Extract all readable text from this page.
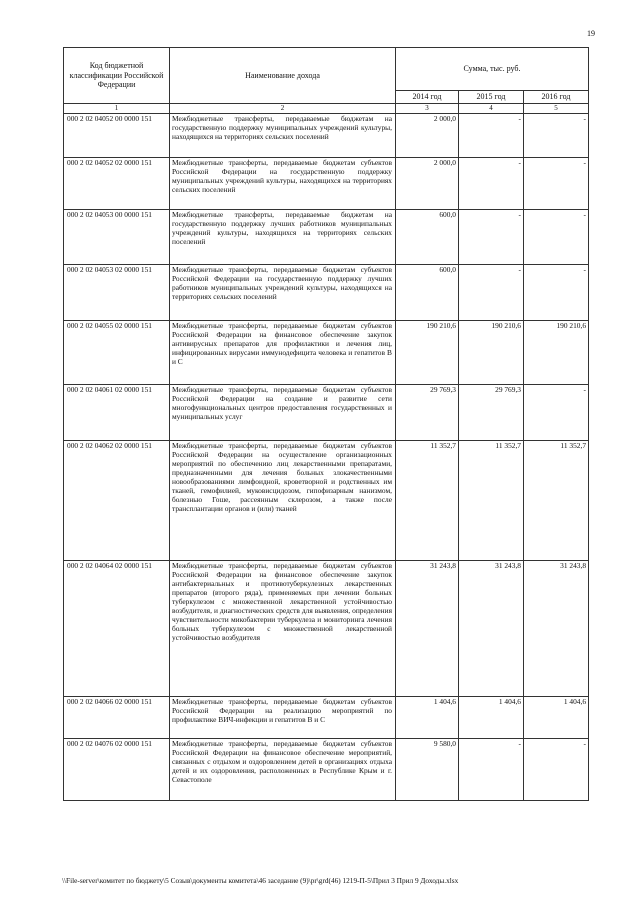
19
Код бюджетной классификации Российской Федерации	Наименование дохода	Сумма, тыс. руб.		
		2014 год	2015 год	2016 год
1	2	3	4	5
000 2 02 04052 00 0000 151	Межбюджетные трансферты, передаваемые бюджетам на государственную поддержку муниципальных учреждений культуры, находящихся на территориях сельских поселений	2 000,0	-	-
000 2 02 04052 02 0000 151	Межбюджетные трансферты, передаваемые бюджетам субъектов Российской Федерации на государственную поддержку муниципальных учреждений культуры, находящихся на территориях сельских поселений	2 000,0	-	-
000 2 02 04053 00 0000 151	Межбюджетные трансферты, передаваемые бюджетам на государственную поддержку лучших работников муниципальных учреждений культуры, находящихся на территориях сельских поселений	600,0	-	-
000 2 02 04053 02 0000 151	Межбюджетные трансферты, передаваемые бюджетам субъектов Российской Федерации на государственную поддержку лучших работников муниципальных учреждений культуры, находящихся на территориях сельских поселений	600,0	-	-
000 2 02 04055 02 0000 151	Межбюджетные трансферты, передаваемые бюджетам субъектов Российской Федерации на финансовое обеспечение закупок антивирусных препаратов для профилактики и лечения лиц, инфицированных вирусами иммунодефицита человека и гепатитов В и С	190 210,6	190 210,6	190 210,6
000 2 02 04061 02 0000 151	Межбюджетные трансферты, передаваемые бюджетам субъектов Российской Федерации на создание и развитие сети многофункциональных центров предоставления государственных и муниципальных услуг	29 769,3	29 769,3	-
000 2 02 04062 02 0000 151	Межбюджетные трансферты, передаваемые бюджетам субъектов Российской Федерации на осуществление организационных мероприятий по обеспечению лиц лекарственными препаратами, предназначенными для лечения больных злокачественными новообразованиями лимфоидной, кроветворной и родственных им тканей, гемофилией, муковисцидозом, гипофизарным нанизмом, болезнью Гоше, рассеянным склерозом, а также после трансплантации органов и (или) тканей	11 352,7	11 352,7	11 352,7
000 2 02 04064 02 0000 151	Межбюджетные трансферты, передаваемые бюджетам субъектов Российской Федерации на финансовое обеспечение закупок антибактериальных и противотуберкулезных лекарственных препаратов (второго ряда), применяемых при лечении больных туберкулезом с множественной лекарственной устойчивостью возбудителя, и диагностических средств для выявления, определения чувствительности микобактерии туберкулеза и мониторинга лечения больных туберкулезом с множественной лекарственной устойчивостью возбудителя	31 243,8	31 243,8	31 243,8
000 2 02 04066 02 0000 151	Межбюджетные трансферты, передаваемые бюджетам субъектов Российской Федерации на реализацию мероприятий по профилактике ВИЧ-инфекции и гепатитов В и С	1 404,6	1 404,6	1 404,6
000 2 02 04076 02 0000 151	Межбюджетные трансферты, передаваемые бюджетам субъектов Российской Федерации на финансовое обеспечение мероприятий, связанных с отдыхом и оздоровлением детей в организациях отдыха детей и их оздоровления, расположенных в Республике Крым и г. Севастополе	9 580,0	-	-
\\File-server\комитет по бюджету\5 Созыв\документы комитета\46 заседание (9)\pr\grd(46) 1219-П-5\Прил 3 Прил 9 Доходы.xlsx
